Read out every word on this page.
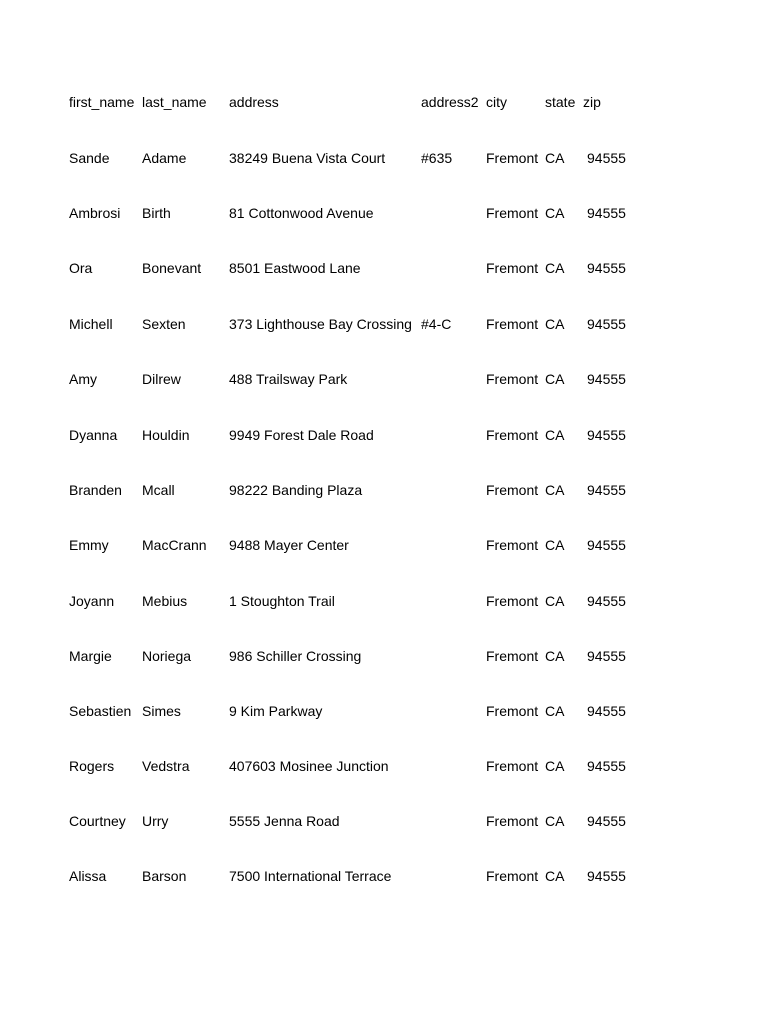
first_name last_name address	address2 city	state zip
Sande Adame	38249 Buena Vista Court	#635 Fremont CA 94555
Ambrosi Birth	81 Cottonwood Avenue	Fremont CA 94555
Ora	Bonevant 8501 Eastwood Lane	Fremont CA 94555
Michell Sexten	373 Lighthouse Bay Crossing #4-C Fremont CA 94555
Amy	Dilrew	488 Trailsway Park	Fremont CA 94555
Dyanna Houldin	9949 Forest Dale Road	Fremont CA 94555
Branden Mcall	98222 Banding Plaza	Fremont CA 94555
Emmy MacCrann 9488 Mayer Center	Fremont CA 94555
Joyann Mebius	1 Stoughton Trail	Fremont CA 94555
Margie Noriega	986 Schiller Crossing	Fremont CA 94555
Sebastien Simes	9 Kim Parkway	Fremont CA 94555
Rogers Vedstra	407603 Mosinee Junction	Fremont CA 94555
Courtney Urry	5555 Jenna Road	Fremont CA 94555
Alissa	Barson	7500 International Terrace	Fremont CA 94555
